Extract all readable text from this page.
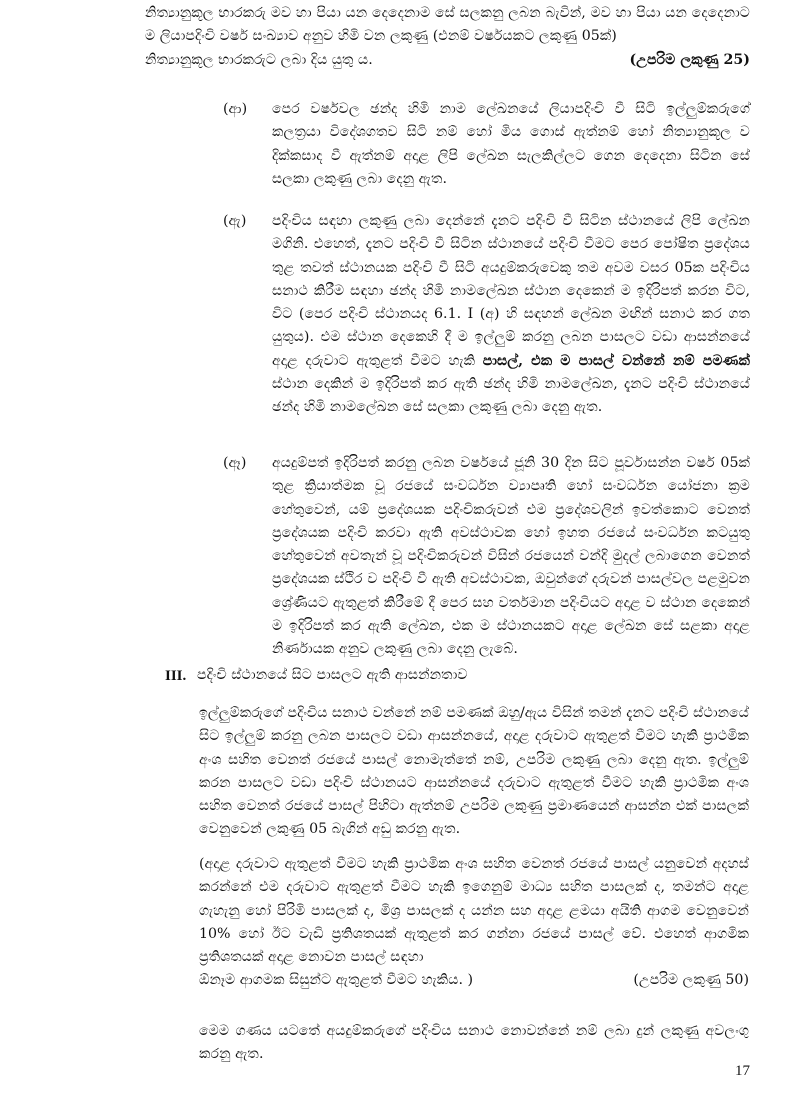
නිත්‍යානුකූල භාරකරු මව හා පියා යන දෙදෙනාම සේ සලකනු ලබන බැවින්, මව හා පියා යන දෙදෙනාට ම ලියාපදිංචි වර්ෂ සංඛ්‍යාව අනුව හිමි වන ලකුණු (එනම් වර්ෂයකට ලකුණු 05ක්)

නිත්‍යානුකූල භාරකරුට ලබා දිය යුතු ය.	(උපරිම ලකුණු 25)
(ආ) පෙර වර්ෂවල ඡන්ද හිමි නාම ලේඛනයේ ලියාපදිංචි වී සිටි ඉල්ලුම්කරුගේ කලත්‍රයා විදේශගතව සිටි නම් හෝ මිය ගොස් ඇත්නම් හෝ නිත්‍යානුකූල ව දික්කසාද වී ඇත්නම් අදාළ ලිපි ලේඛන සැලකිල්ලට ගෙන දෙදෙනා සිටින සේ සලකා ලකුණු ලබා දෙනු ඇත.

(ඇ) පදිංචිය සඳහා ලකුණු ලබා දෙන්නේ දැනට පදිංචි වී සිටින ස්ථානයේ ලිපි ලේඛන මගිනි. එහෙත්, දැනට පදිංචි වී සිටින ස්ථානයේ පදිංචි වීමට පෙර පෝෂිත ප්‍රදේශය තුළ තවත් ස්ථානයක පදිංචි වී සිටි අයදුම්කරුවෙකු තම අවම වසර 05ක පදිංචිය සනාථ කිරීම සඳහා ඡන්ද හිමි නාමලේඛන ස්ථාන දෙකෙන් ම ඉදිරිපත් කරන විට, විට (පෙර පදිංචි ස්ථානයද 6.1. I (අ) හි සඳහන් ලේඛන මඟින් සනාථ කර ගත යුතුය). එම ස්ථාන දෙකෙහි දී ම ඉල්ලුම් කරනු ලබන පාසලට වඩා ආසන්නයේ අදාළ දරුවාට ඇතුළත් වීමට හැකි පාසල්, එක ම පාසල් වන්නේ නම් පමණක් ස්ථාන දෙකින් ම ඉදිරිපත් කර ඇති ඡන්ද හිමි නාමලේඛන, දැනට පදිංචි ස්ථානයේ ඡන්ද හිමි නාමලේඛන සේ සලකා ලකුණු ලබා දෙනු ඇත.

(ඈ) අයදුම්පත් ඉදිරිපත් කරනු ලබන වර්ෂයේ ජූනි 30 දින සිට පූර්වාසන්න වර්ෂ 05ක් තුළ ක්‍රියාත්මක වූ රජයේ සංවර්ධන ව්‍යාපෘති හෝ සංවර්ධන යෝජනා ක්‍රම හේතුවෙන්, යම් ප්‍රදේශයක පදිංචිකරුවන් එම ප්‍රදේශවලින් ඉවත්කොට වෙනත් ප්‍රදේශයක පදිංචි කරවා ඇති අවස්ථාවක හෝ ඉහත රජයේ සංවර්ධන කටයුතු හේතුවෙන් අවතැන් වූ පදිංචිකරුවන් විසින් රජයෙන් වන්දි මුදල් ලබාගෙන වෙනත් ප්‍රදේශයක ස්ථිර ව පදිංචි වී ඇති අවස්ථාවක, ඔවුන්ගේ දරුවන් පාසල්වල පළමුවන ශ්‍රේණියට ඇතුළත් කිරීමේ දී පෙර සහ වර්තමාන පදිංචියට අදාළ ව ස්ථාන දෙකෙන් ම ඉදිරිපත් කර ඇති ලේඛන, එක ම ස්ථානයකට අදාළ ලේඛන සේ සළකා අදාළ නිර්ණායක අනුව ලකුණු ලබා දෙනු ලැබේ.

III. පදිංචි ස්ථානයේ සිට පාසලට ඇති ආසන්නතාව

ඉල්ලුම්කරුගේ පදිංචිය සනාථ වන්නේ නම් පමණක් ඔහු/ඇය විසින් තමන් දැනට පදිංචි ස්ථානයේ සිට ඉල්ලුම් කරනු ලබන පාසලට වඩා ආසන්නයේ, අදාළ දරුවාට ඇතුළත් වීමට හැකි ප්‍රාථමික අංශ සහිත වෙනත් රජයේ පාසල් නොමැත්තේ නම්, උපරිම ලකුණු ලබා දෙනු ඇත. ඉල්ලුම් කරන පාසලට වඩා පදිංචි ස්ථානයට ආසන්නයේ දරුවාට ඇතුළත් වීමට හැකි ප්‍රාථමික අංශ සහිත වෙනත් රජයේ පාසල් පිහිටා ඇත්නම් උපරිම ලකුණු ප්‍රමාණයෙන් ආසන්න එක් පාසලක් වෙනුවෙන් ලකුණු 05 බැගින් අඩු කරනු ඇත.

(අදාළ දරුවාට ඇතුළත් වීමට හැකි ප්‍රාථමික අංශ සහිත වෙනත් රජයේ පාසල් යනුවෙන් අදහස් කරන්නේ එම දරුවාට ඇතුළත් වීමට හැකි ඉගෙනුම් මාධ්‍ය සහිත පාසලක් ද, තමන්ට අදාළ ගැහැනු හෝ පිරිමි පාසලක් ද, මිශ්‍ර පාසලක් ද යන්න සහ අදාළ ළමයා අයිති ආගම වෙනුවෙන් 10% හෝ ඊට වැඩි ප්‍රතිශතයක් ඇතුළත් කර ගන්නා රජයේ පාසල් වේ. එහෙත් ආගමික ප්‍රතිශතයක් අදාළ නොවන පාසල් සඳහා

ඕනෑම ආගමක සිසුන්ට ඇතුළත් වීමට හැකිය. )	(උපරිම ලකුණු 50)

මෙම ගණය යටතේ අයදුම්කරුගේ පදිංචිය සනාථ නොවන්නේ නම් ලබා දුන් ලකුණු අවලංගු කරනු ඇත.

17
